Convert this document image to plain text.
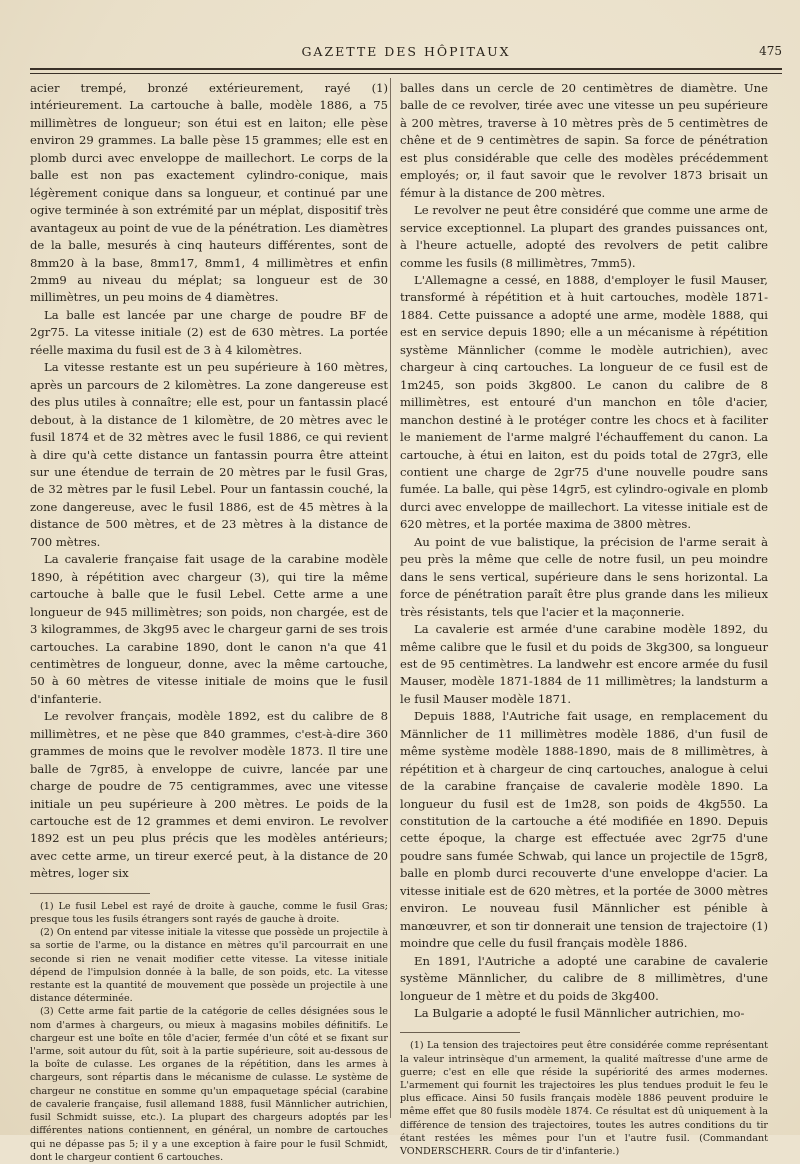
GAZETTE DES HÔPITAUX	475

acier trempé, bronzé extérieurement, rayé (1) intérieurement. La cartouche à balle, modèle 1886, a 75 millimètres de longueur; son étui est en laiton; elle pèse environ 29 grammes. La balle pèse 15 grammes; elle est en plomb durci avec enveloppe de maillechort. Le corps de la balle est non pas exactement cylindro-conique, mais légèrement conique dans sa longueur, et continué par une ogive terminée à son extrémité par un méplat, dispositif très avantageux au point de vue de la pénétration. Les diamètres de la balle, mesurés à cinq hauteurs différentes, sont de 8mm20 à la base, 8mm17, 8mm1, 4 millimètres et enfin 2mm9 au niveau du méplat; sa longueur est de 30 millimètres, un peu moins de 4 diamètres.

La balle est lancée par une charge de poudre BF de 2gr75. La vitesse initiale (2) est de 630 mètres. La portée réelle maxima du fusil est de 3 à 4 kilomètres.

La vitesse restante est un peu supérieure à 160 mètres, après un parcours de 2 kilomètres. La zone dangereuse est des plus utiles à connaître; elle est, pour un fantassin placé debout, à la distance de 1 kilomètre, de 20 mètres avec le fusil 1874 et de 32 mètres avec le fusil 1886, ce qui revient à dire qu'à cette distance un fantassin pourra être atteint sur une étendue de terrain de 20 mètres par le fusil Gras, de 32 mètres par le fusil Lebel. Pour un fantassin couché, la zone dangereuse, avec le fusil 1886, est de 45 mètres à la distance de 500 mètres, et de 23 mètres à la distance de 700 mètres.

La cavalerie française fait usage de la carabine modèle 1890, à répétition avec chargeur (3), qui tire la même cartouche à balle que le fusil Lebel. Cette arme a une longueur de 945 millimètres; son poids, non chargée, est de 3 kilogrammes, de 3kg95 avec le chargeur garni de ses trois cartouches. La carabine 1890, dont le canon n'a que 41 centimètres de longueur, donne, avec la même cartouche, 50 à 60 mètres de vitesse initiale de moins que le fusil d'infanterie.

Le revolver français, modèle 1892, est du calibre de 8 millimètres, et ne pèse que 840 grammes, c'est-à-dire 360 grammes de moins que le revolver modèle 1873. Il tire une balle de 7gr85, à enveloppe de cuivre, lancée par une charge de poudre de 75 centigrammes, avec une vitesse initiale un peu supérieure à 200 mètres. Le poids de la cartouche est de 12 grammes et demi environ. Le revolver 1892 est un peu plus précis que les modèles antérieurs; avec cette arme, un tireur exercé peut, à la distance de 20 mètres, loger six

(1) Le fusil Lebel est rayé de droite à gauche, comme le fusil Gras; presque tous les fusils étrangers sont rayés de gauche à droite.

(2) On entend par vitesse initiale la vitesse que possède un projectile à sa sortie de l'arme, ou la distance en mètres qu'il parcourrait en une seconde si rien ne venait modifier cette vitesse. La vitesse initiale dépend de l'impulsion donnée à la balle, de son poids, etc. La vitesse restante est la quantité de mouvement que possède un projectile à une distance déterminée.

(3) Cette arme fait partie de la catégorie de celles désignées sous le nom d'armes à chargeurs, ou mieux à magasins mobiles définitifs. Le chargeur est une boîte en tôle d'acier, fermée d'un côté et se fixant sur l'arme, soit autour du fût, soit à la partie supérieure, soit au-dessous de la boîte de culasse. Les organes de la répétition, dans les armes à chargeurs, sont répartis dans le mécanisme de culasse. Le système de chargeur ne constitue en somme qu'un empaquetage spécial (carabine de cavalerie française, fusil allemand 1888, fusil Männlicher autrichien, fusil Schmidt suisse, etc.). La plupart des chargeurs adoptés par les différentes nations contiennent, en général, un nombre de cartouches qui ne dépasse pas 5; il y a une exception à faire pour le fusil Schmidt, dont le chargeur contient 6 cartouches.

balles dans un cercle de 20 centimètres de diamètre. Une balle de ce revolver, tirée avec une vitesse un peu supérieure à 200 mètres, traverse à 10 mètres près de 5 centimètres de chêne et de 9 centimètres de sapin. Sa force de pénétration est plus considérable que celle des modèles précédemment employés; or, il faut savoir que le revolver 1873 brisait un fémur à la distance de 200 mètres.

Le revolver ne peut être considéré que comme une arme de service exceptionnel. La plupart des grandes puissances ont, à l'heure actuelle, adopté des revolvers de petit calibre comme les fusils (8 millimètres, 7mm5).

L'Allemagne a cessé, en 1888, d'employer le fusil Mauser, transformé à répétition et à huit cartouches, modèle 1871-1884. Cette puissance a adopté une arme, modèle 1888, qui est en service depuis 1890; elle a un mécanisme à répétition système Männlicher (comme le modèle autrichien), avec chargeur à cinq cartouches. La longueur de ce fusil est de 1m245, son poids 3kg800. Le canon du calibre de 8 millimètres, est entouré d'un manchon en tôle d'acier, manchon destiné à le protéger contre les chocs et à faciliter le maniement de l'arme malgré l'échauffement du canon. La cartouche, à étui en laiton, est du poids total de 27gr3, elle contient une charge de 2gr75 d'une nouvelle poudre sans fumée. La balle, qui pèse 14gr5, est cylindro-ogivale en plomb durci avec enveloppe de maillechort. La vitesse initiale est de 620 mètres, et la portée maxima de 3800 mètres.

Au point de vue balistique, la précision de l'arme serait à peu près la même que celle de notre fusil, un peu moindre dans le sens vertical, supérieure dans le sens horizontal. La force de pénétration paraît être plus grande dans les milieux très résistants, tels que l'acier et la maçonnerie.

La cavalerie est armée d'une carabine modèle 1892, du même calibre que le fusil et du poids de 3kg300, sa longueur est de 95 centimètres. La landwehr est encore armée du fusil Mauser, modèle 1871-1884 de 11 millimètres; la landsturm a le fusil Mauser modèle 1871.

Depuis 1888, l'Autriche fait usage, en remplacement du Männlicher de 11 millimètres modèle 1886, d'un fusil de même système modèle 1888-1890, mais de 8 millimètres, à répétition et à chargeur de cinq cartouches, analogue à celui de la carabine française de cavalerie modèle 1890. La longueur du fusil est de 1m28, son poids de 4kg550. La constitution de la cartouche a été modifiée en 1890. Depuis cette époque, la charge est effectuée avec 2gr75 d'une poudre sans fumée Schwab, qui lance un projectile de 15gr8, balle en plomb durci recouverte d'une enveloppe d'acier. La vitesse initiale est de 620 mètres, et la portée de 3000 mètres environ. Le nouveau fusil Männlicher est pénible à manœuvrer, et son tir donnerait une tension de trajectoire (1) moindre que celle du fusil français modèle 1886.

En 1891, l'Autriche a adopté une carabine de cavalerie système Männlicher, du calibre de 8 millimètres, d'une longueur de 1 mètre et du poids de 3kg400.

La Bulgarie a adopté le fusil Männlicher autrichien, mo-

(1) La tension des trajectoires peut être considérée comme représentant la valeur intrinsèque d'un armement, la qualité maîtresse d'une arme de guerre; c'est en elle que réside la supériorité des armes modernes. L'armement qui fournit les trajectoires les plus tendues produit le feu le plus efficace. Ainsi 50 fusils français modèle 1886 peuvent produire le même effet que 80 fusils modèle 1874. Ce résultat est dû uniquement à la différence de tension des trajectoires, toutes les autres conditions du tir étant restées les mêmes pour l'un et l'autre fusil. (Commandant VONDERSCHERR. Cours de tir d'infanterie.)
